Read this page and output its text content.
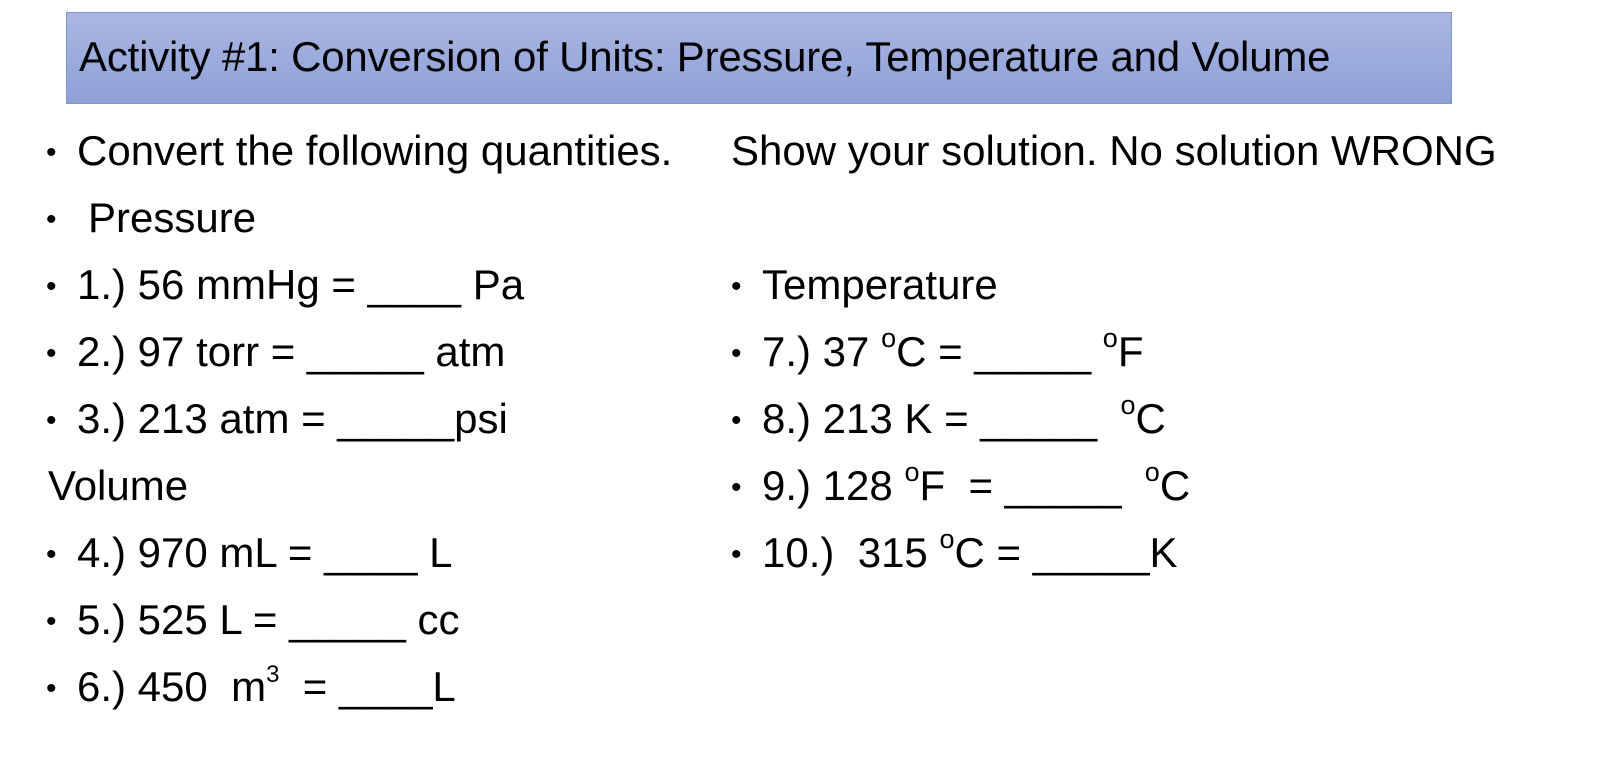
Activity #1: Conversion of Units: Pressure, Temperature and Volume
• Convert the following quantities. Show your solution. No solution WRONG
• Pressure
• 1.) 56 mmHg = ____ Pa
• 2.) 97 torr = _____ atm
• 3.) 213 atm = _____psi
Volume
• 4.) 970 mL = ____ L
• 5.) 525 L = _____ cc
• 6.) 450  $m^3$  = ____L
• Temperature
• 7.) 37 $^o$C = _____ $^o$F
• 8.) 213 K = _____  $^o$C
• 9.) 128 $^o$F  = _____  $^o$C
• 10.)  315 $^o$C = _____K
